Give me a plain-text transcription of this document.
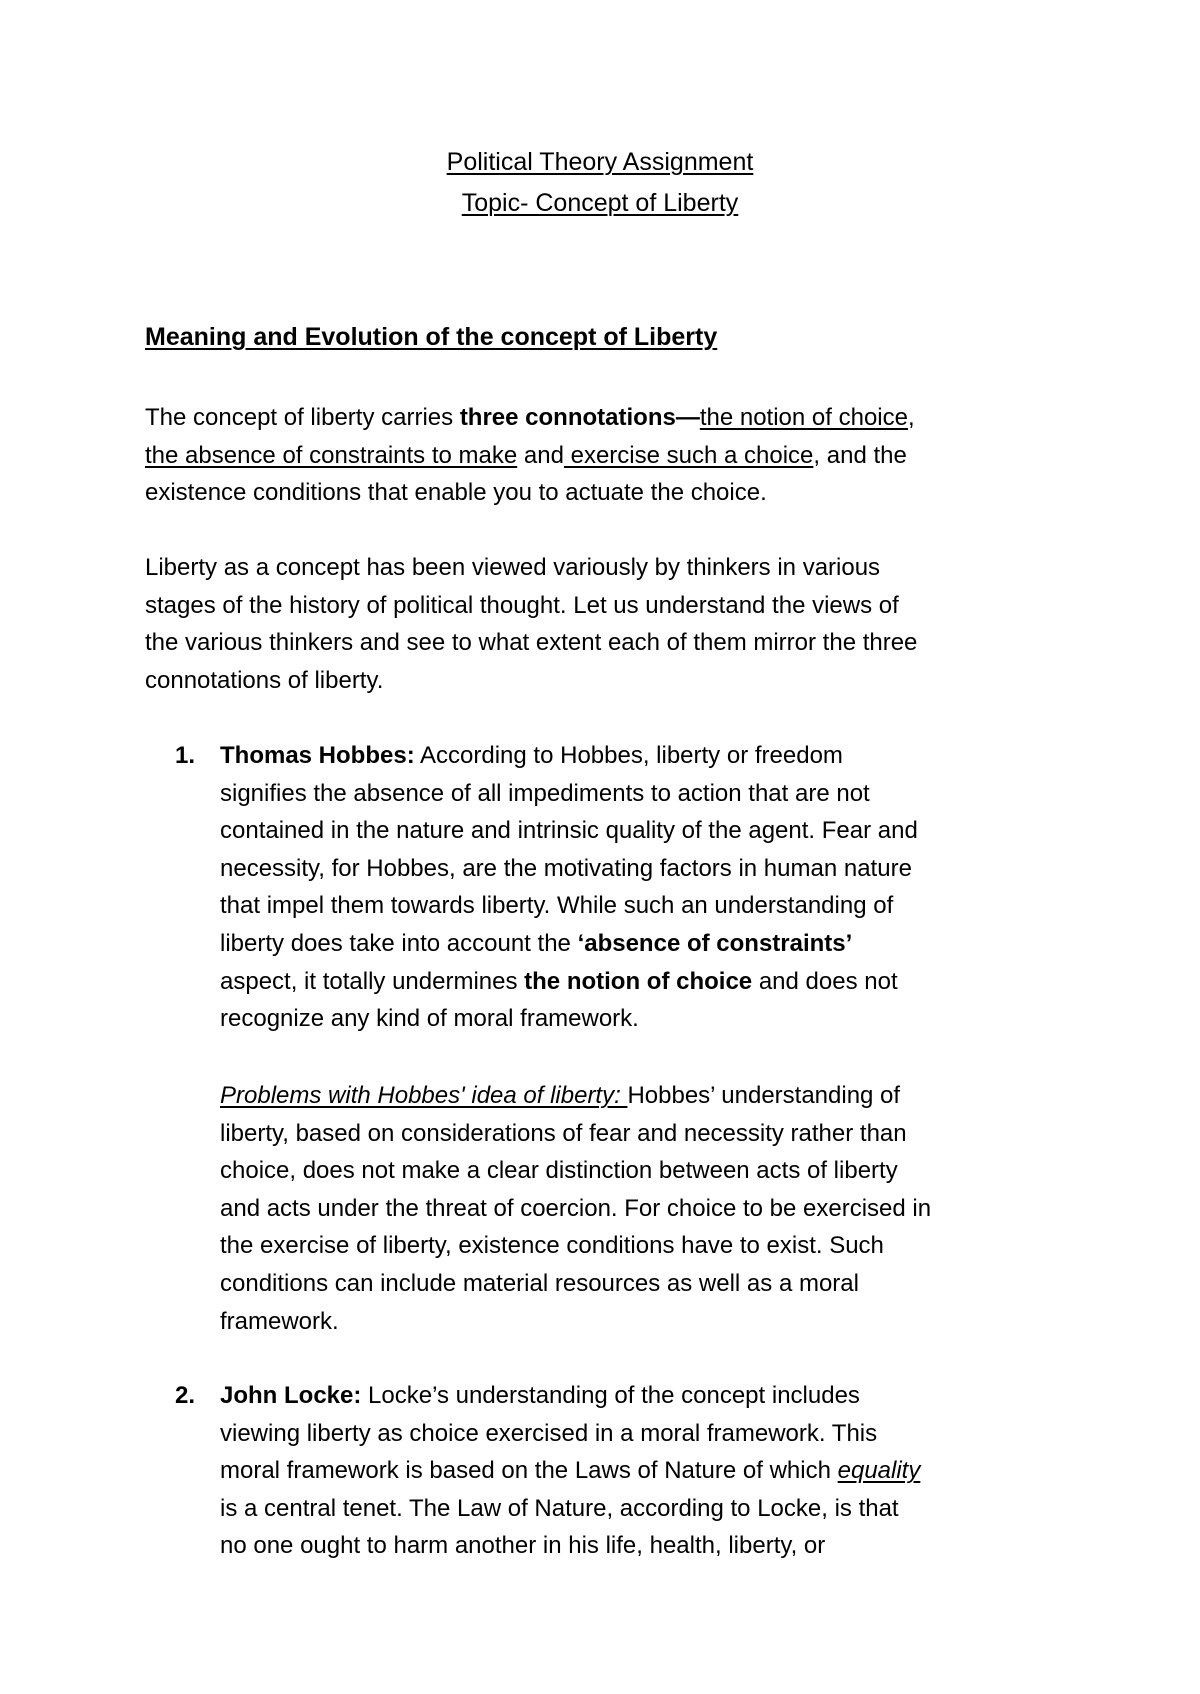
Political Theory Assignment
Topic- Concept of Liberty
Meaning and Evolution of the concept of Liberty
The concept of liberty carries three connotations—the notion of choice,
the absence of constraints to make and exercise such a choice, and the
existence conditions that enable you to actuate the choice.
Liberty as a concept has been viewed variously by thinkers in various
stages of the history of political thought. Let us understand the views of
the various thinkers and see to what extent each of them mirror the three
connotations of liberty.
1. Thomas Hobbes: According to Hobbes, liberty or freedom
signifies the absence of all impediments to action that are not
contained in the nature and intrinsic quality of the agent. Fear and
necessity, for Hobbes, are the motivating factors in human nature
that impel them towards liberty. While such an understanding of
liberty does take into account the ‘absence of constraints’
aspect, it totally undermines the notion of choice and does not
recognize any kind of moral framework.
Problems with Hobbes' idea of liberty: Hobbes’ understanding of
liberty, based on considerations of fear and necessity rather than
choice, does not make a clear distinction between acts of liberty
and acts under the threat of coercion. For choice to be exercised in
the exercise of liberty, existence conditions have to exist. Such
conditions can include material resources as well as a moral
framework.
2. John Locke: Locke’s understanding of the concept includes
viewing liberty as choice exercised in a moral framework. This
moral framework is based on the Laws of Nature of which equality
is a central tenet. The Law of Nature, according to Locke, is that
no one ought to harm another in his life, health, liberty, or
